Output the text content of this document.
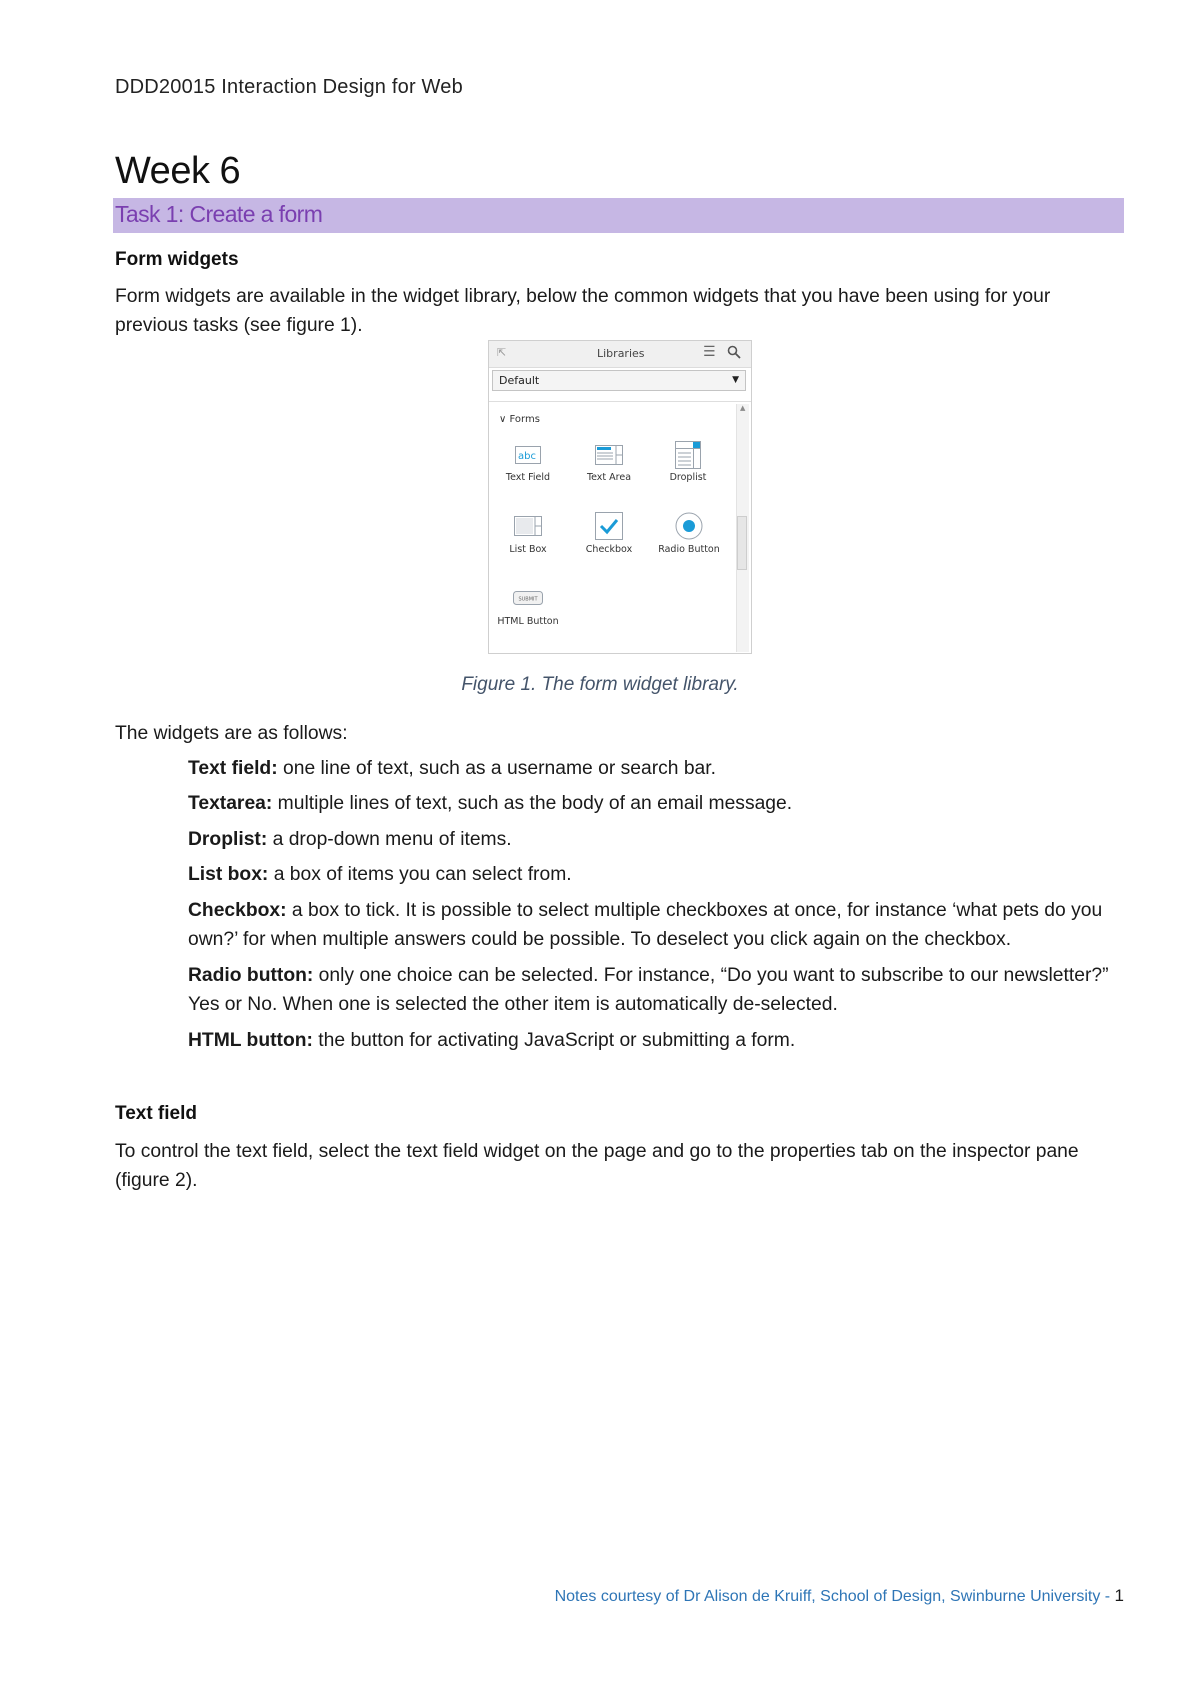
DDD20015 Interaction Design for Web
Week 6
Task 1: Create a form
Form widgets
Form widgets are available in the widget library, below the common widgets that you have been using for your previous tasks (see figure 1).
⇱	Libraries	☰
Default	▼
▲
∨ Forms
abc
Text Field	Text Area	Droplist
List Box	Checkbox	Radio Button
SUBMIT
HTML Button
Figure 1. The form widget library.
The widgets are as follows:
Text field: one line of text, such as a username or search bar.
Textarea: multiple lines of text, such as the body of an email message.
Droplist: a drop-down menu of items.
List box: a box of items you can select from.
Checkbox: a box to tick. It is possible to select multiple checkboxes at once, for instance ‘what pets do you own?’ for when multiple answers could be possible. To deselect you click again on the checkbox.
Radio button: only one choice can be selected. For instance, “Do you want to subscribe to our newsletter?” Yes or No. When one is selected the other item is automatically de-selected.
HTML button: the button for activating JavaScript or submitting a form.
Text field
To control the text field, select the text field widget on the page and go to the properties tab on the inspector pane (figure 2).
Notes courtesy of Dr Alison de Kruiff, School of Design, Swinburne University - 1
